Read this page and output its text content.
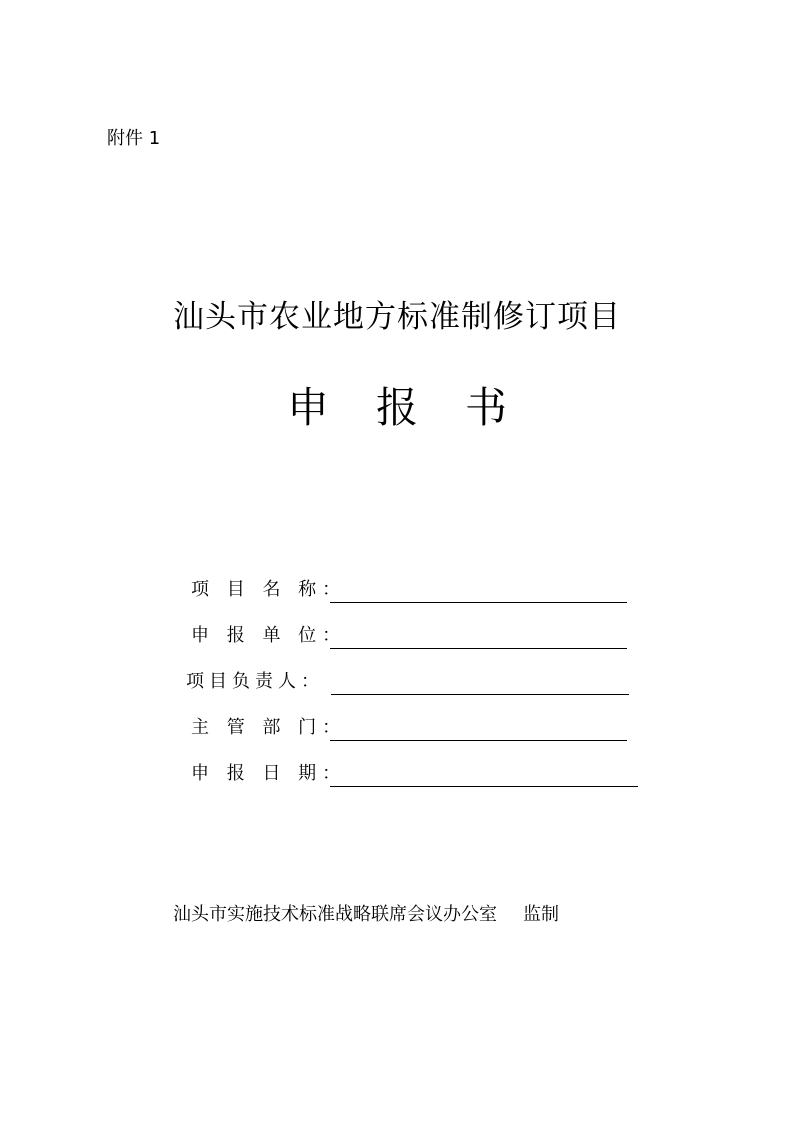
附件 1
汕头市农业地方标准制修订项目
申报书
项 目 名 称：
申 报 单 位：
项目负责人：
主 管 部 门：
申 报 日 期：
汕头市实施技术标准战略联席会议办公室 监制
